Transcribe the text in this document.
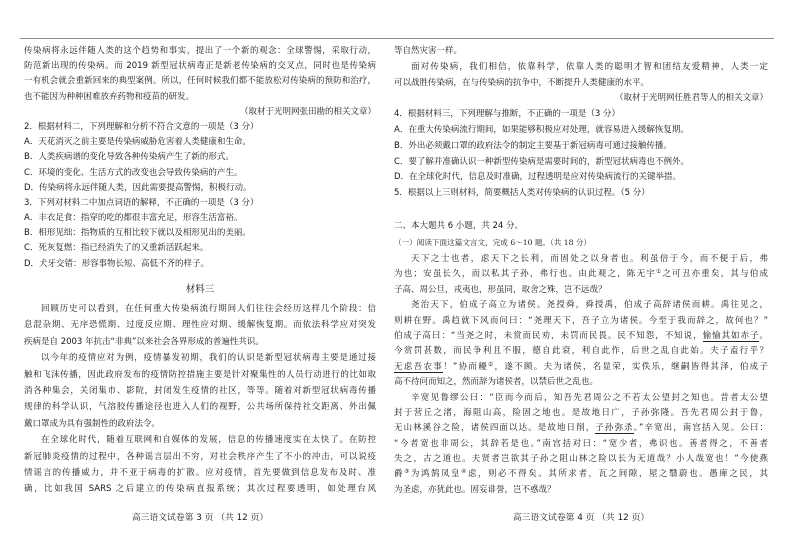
传染病将永远伴随人类的这个趋势和事实，提出了一个新的观念：全球警惕，采取行动，
防范新出现的传染病。而 2019 新型冠状病毒正是新老传染病的交叉点，同时也是传染病
一有机会就会重新回来的典型案例。所以，任何时候我们都不能放松对传染病的预防和治疗，
也不能因为种种困难放弃药物和疫苗的研发。
（取材于光明网张田勘的相关文章）
2．根据材料二，下列理解和分析不符合文意的一项是（3 分）
A．天花消灭之前主要是传染病威胁危害着人类健康和生命。
B．人类疾病谱的变化导致各种传染病产生了新的形式。
C．环境的变化、生活方式的改变也会导致传染病的产生。
D．传染病将永远伴随人类，因此需要提高警惕，积极行动。
3．下列对材料二中加点词语的解释，不正确的一项是（3 分）
A．丰衣足食：指穿的吃的都很丰富充足，形容生活富裕。
B．相形见绌：指物质的互相比较下就以及相形见出的美丽。
C．死灰复燃：指已经消失了的又重新活跃起来。
D．犬牙交错：形容事物长短、高低不齐的样子。
材料三
回顾历史可以看到，在任何重大传染病流行期间人们往往会经历这样几个阶段：信
息混杂期、无序恐慌期、过度反应期、理性应对期、缓解恢复期。而依法科学应对突发
疾病是自 2003 年抗击“非典”以来社会各界形成的普遍性共识。
以今年的疫情应对为例，疫情暴发初期，我们的认识是新型冠状病毒主要是通过接
触和飞沫传播，因此政府发布的疫情防控措施主要是针对聚集性的人员行动进行的比如取
消各种集会，关闭集市、影院，封闭发生疫情的社区，等等。随着对新型冠状病毒传播
规律的科学认识，气溶胶传播途径也进入人们的视野，公共场所保持社交距离、外出佩
戴口罩成为具有强制性的政府法令。
在全球化时代，随着互联网和自媒体的发展，信息的传播速度实在太快了。在防控
新冠肺炎疫情的过程中，各种谣言层出不穷，对社会秩序产生了不小的冲击，可以说疫
情谣言的传播威力，并不亚于病毒的扩散。应对疫情，首先要做到信息发布及时、准
确，比如我国 SARS 之后建立的传染病直报系统；其次过程要透明，如处理台风
高三语文试卷第 3 页 （共 12 页）
等自然灾害一样。
面对传染病，我们相信，依靠科学，依靠人类的聪明才智和团结友爱精神，人类一定
可以战胜传染病，在与传染病的抗争中，不断提升人类健康的水平。
（取材于光明网任胜君等人的相关文章）
4．根据材料三，下列理解与推断，不正确的一项是（3 分）
A．在重大传染病流行期间，如果能够积极应对处理，就容易进入缓解恢复期。
B．外出必须戴口罩的政府法令的制定主要基于新冠病毒可通过接触传播。
C．要了解并准确认识一种新型传染病是需要时间的，新型冠状病毒也不例外。
D．在全球化时代，信息及时准确，过程透明是应对传染病流行的关键举措。
5．根据以上三则材料，简要概括人类对传染病的认识过程。（5 分）
二、本大题共 6 小题，共 24 分。
（一）阅读下面这篇文言文，完成 6～10 题。（共 18 分）
天下之士也者，虑天下之长利，而固处之以身者也。利虽倍于今，而不便于后，弗
为也；安虽长久，而以私其子孙，弗行也。由此观之，陈无宇①之可丑亦重矣，其与伯成
子高、周公旦，戎夷也，形虽同，取舍之殊，岂不远哉？
尧治天下，伯成子高立为诸侯。尧授舜，舜授禹，伯成子高辞诸侯而耕。禹往见之，
则耕在野。禹趋就下风而问曰：“尧理天下，吾子立为诸侯。今至于我而辞之，故何也？”
伯成子高曰：“当尧之时，未赏而民劝，未罚而民畏。民不知怨，不知说，愉愉其如赤子。
今赏罚甚数，而民争利且不服，德自此衰，利自此作，后世之乱自此始。夫子盍行乎？
无虑吾农事！”协而耰②，遂不顾。夫为诸侯，名显荣，实佚乐，继嗣皆得其泽，伯成子
高不待问而知之，然而辞为诸侯者，以禁后世之乱也。
辛宽见鲁缪公曰：“臣而今而后，知吾先君周公之不若太公望封之知也。昔者太公望
封于营丘之渚，海阻山高，险固之地也。是故地日广，子孙弥隆。吾先君周公封于鲁，
无山林溪谷之险，诸侯四面以达。是故地日削，子孙弥杀。”辛宽出，南宫括入见。公曰：
“今者宽也非周公，其辞若是也。”南宫括对曰：“宽少者，弗识也。善者得之，不善者
失之，古之道也。夫贤者岂欲其子孙之阻山林之险以长为无道哉？小人哉宽也！”今使燕
爵③为鸿鹄凤皇④虑，则必不得矣。其所求者，瓦之间隙，屋之翳蔚也。愚庳之民，其
为圣虑，亦犹此也。固妄诽誉，岂不惑哉？
高三语文试卷第 4 页 （共 12 页）
